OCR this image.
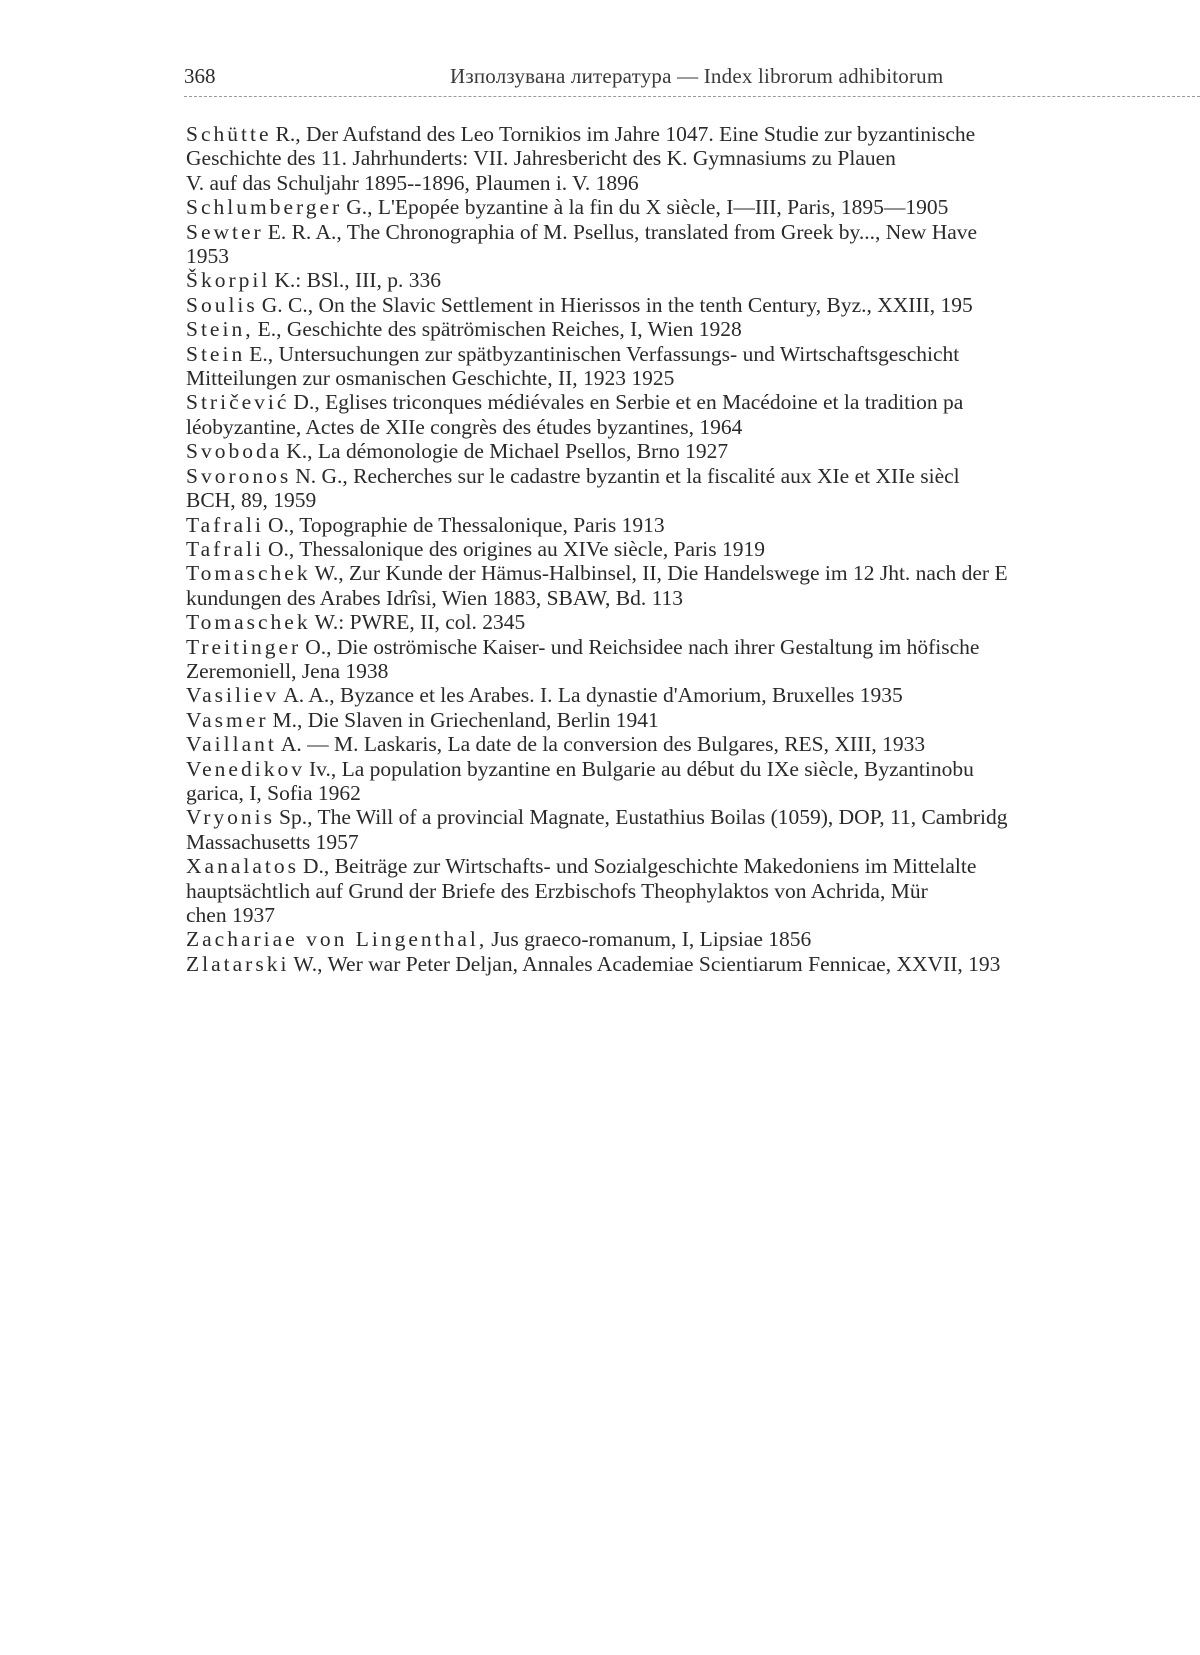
368	Използувана литература — Index librorum adhibitorum
Schütte R., Der Aufstand des Leo Tornikios im Jahre 1047. Eine Studie zur byzantinische
Geschichte des 11. Jahrhunderts: VII. Jahresbericht des K. Gymnasiums zu Plauen
V. auf das Schuljahr 1895--1896, Plaumen i. V. 1896
Schlumberger G., L'Epopée byzantine à la fin du X siècle, I—III, Paris, 1895—1905
Sewter E. R. A., The Chronographia of M. Psellus, translated from Greek by..., New Have
1953
Škorpil K.: BSl., III, p. 336
Soulis G. C., On the Slavic Settlement in Hierissos in the tenth Century, Byz., XXIII, 195
Stein, E., Geschichte des spätrömischen Reiches, I, Wien 1928
Stein E., Untersuchungen zur spätbyzantinischen Verfassungs- und Wirtschaftsgeschicht
Mitteilungen zur osmanischen Geschichte, II, 1923 1925
Stričević D., Eglises triconques médiévales en Serbie et en Macédoine et la tradition pa
léobyzantine, Actes de XIIe congrès des études byzantines, 1964
Svoboda K., La démonologie de Michael Psellos, Brno 1927
Svoronos N. G., Recherches sur le cadastre byzantin et la fiscalité aux XIe et XIIe siècl
BCH, 89, 1959
Tafrali O., Topographie de Thessalonique, Paris 1913
Tafrali O., Thessalonique des origines au XIVe siècle, Paris 1919
Tomaschek W., Zur Kunde der Hämus-Halbinsel, II, Die Handelswege im 12 Jht. nach der E
kundungen des Arabes Idrîsi, Wien 1883, SBAW, Bd. 113
Tomaschek W.: PWRE, II, col. 2345
Treitinger O., Die oströmische Kaiser- und Reichsidee nach ihrer Gestaltung im höfische
Zeremoniell, Jena 1938
Vasiliev A. A., Byzance et les Arabes. I. La dynastie d'Amorium, Bruxelles 1935
Vasmer M., Die Slaven in Griechenland, Berlin 1941
Vaillant A. — M. Laskaris, La date de la conversion des Bulgares, RES, XIII, 1933
Venedikov Iv., La population byzantine en Bulgarie au début du IXe siècle, Byzantinobu
garica, I, Sofia 1962
Vryonis Sp., The Will of a provincial Magnate, Eustathius Boilas (1059), DOP, 11, Cambridg
Massachusetts 1957
Xanalatos D., Beiträge zur Wirtschafts- und Sozialgeschichte Makedoniens im Mittelalte
hauptsächtlich auf Grund der Briefe des Erzbischofs Theophylaktos von Achrida, Mür
chen 1937
Zachariae von Lingenthal, Jus graeco-romanum, I, Lipsiae 1856
Zlatarski W., Wer war Peter Deljan, Annales Academiae Scientiarum Fennicae, XXVII, 193
